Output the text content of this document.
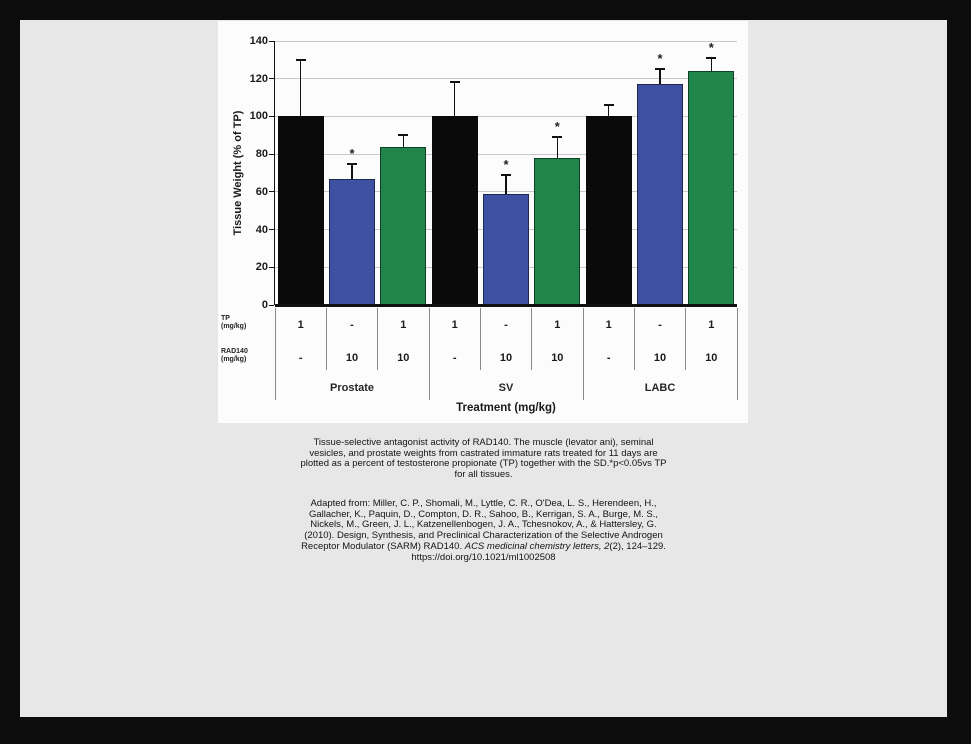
Tissue Weight (% of TP)
Treatment (mg/kg)
0
20
40
60
80
100
120
140
*
*
*
*
*
1	-	1	1	-	1	1	-	1
TP
(mg/kg)
-	10	10	-	10	10	-	10	10
RAD140
(mg/kg)
Prostate	SV	LABC
Tissue-selective antagonist activity of RAD140. The muscle (levator ani), seminal
vesicles, and prostate weights from castrated immature rats treated for 11 days are
plotted as a percent of testosterone propionate (TP) together with the SD.*p<0.05vs TP
for all tissues.

Adapted from: Miller, C. P., Shomali, M., Lyttle, C. R., O'Dea, L. S., Herendeen, H.,
Gallacher, K., Paquin, D., Compton, D. R., Sahoo, B., Kerrigan, S. A., Burge, M. S.,
Nickels, M., Green, J. L., Katzenellenbogen, J. A., Tchesnokov, A., & Hattersley, G.
(2010). Design, Synthesis, and Preclinical Characterization of the Selective Androgen
Receptor Modulator (SARM) RAD140. ACS medicinal chemistry letters, 2(2), 124–129.
https://doi.org/10.1021/ml1002508
